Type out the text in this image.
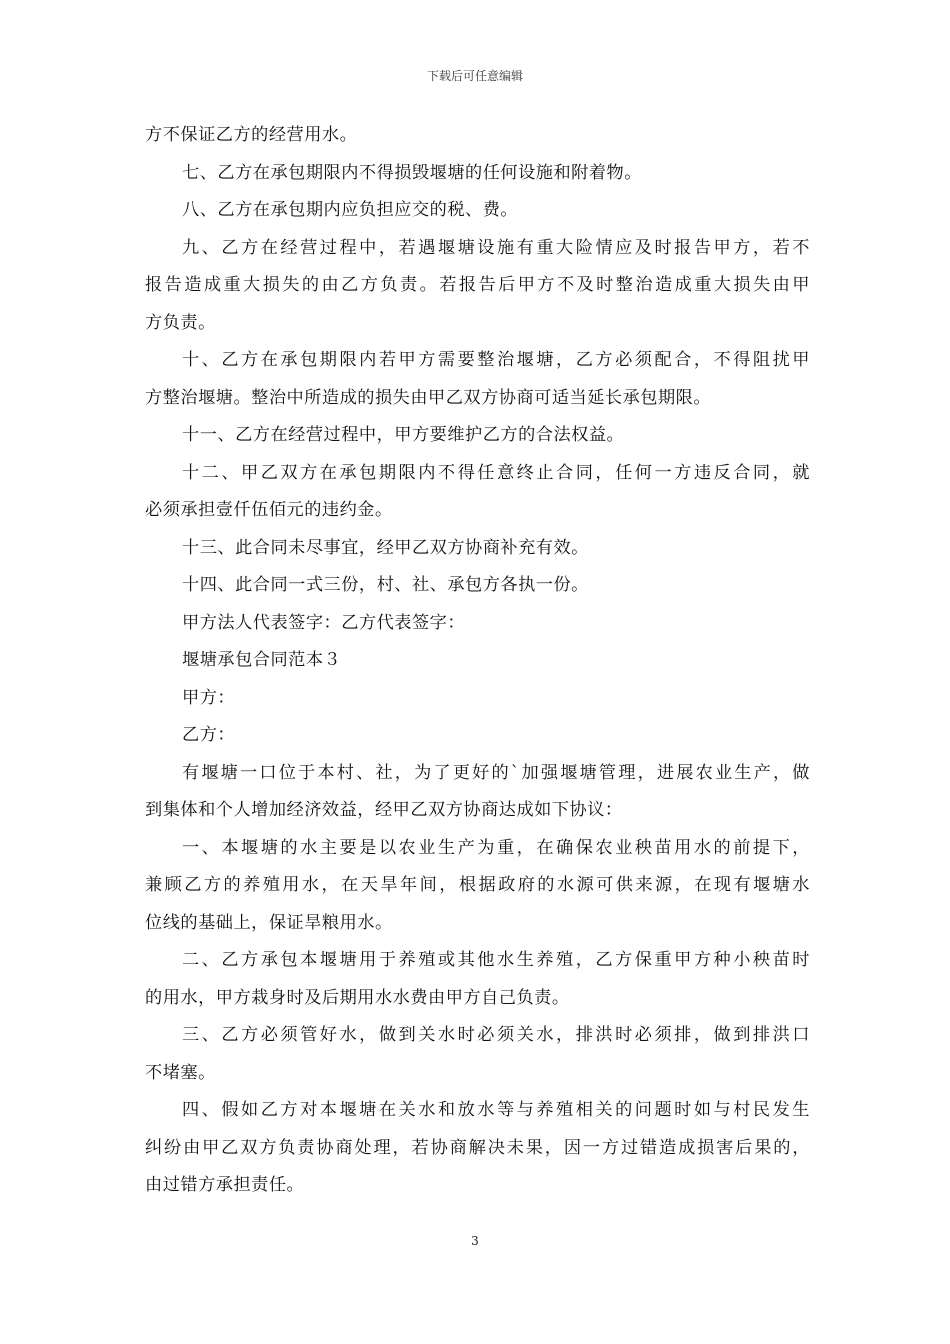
下载后可任意编辑
方不保证乙方的经营用水。
七、乙方在承包期限内不得损毁堰塘的任何设施和附着物。
八、乙方在承包期内应负担应交的税、费。
九、乙方在经营过程中，若遇堰塘设施有重大险情应及时报告甲方，若不
报告造成重大损失的由乙方负责。若报告后甲方不及时整治造成重大损失由甲
方负责。
十、乙方在承包期限内若甲方需要整治堰塘，乙方必须配合，不得阻扰甲
方整治堰塘。整治中所造成的损失由甲乙双方协商可适当延长承包期限。
十一、乙方在经营过程中，甲方要维护乙方的合法权益。
十二、甲乙双方在承包期限内不得任意终止合同，任何一方违反合同，就
必须承担壹仟伍佰元的违约金。
十三、此合同未尽事宜，经甲乙双方协商补充有效。
十四、此合同一式三份，村、社、承包方各执一份。
甲方法人代表签字：乙方代表签字：
堰塘承包合同范本３
甲方：
乙方：
有堰塘一口位于本村、社，为了更好的`加强堰塘管理，进展农业生产，做
到集体和个人增加经济效益，经甲乙双方协商达成如下协议：
一、本堰塘的水主要是以农业生产为重，在确保农业秧苗用水的前提下，
兼顾乙方的养殖用水，在天旱年间，根据政府的水源可供来源，在现有堰塘水
位线的基础上，保证旱粮用水。
二、乙方承包本堰塘用于养殖或其他水生养殖，乙方保重甲方种小秧苗时
的用水，甲方栽身时及后期用水水费由甲方自己负责。
三、乙方必须管好水，做到关水时必须关水，排洪时必须排，做到排洪口
不堵塞。
四、假如乙方对本堰塘在关水和放水等与养殖相关的问题时如与村民发生
纠纷由甲乙双方负责协商处理，若协商解决未果，因一方过错造成损害后果的，
由过错方承担责任。
3
